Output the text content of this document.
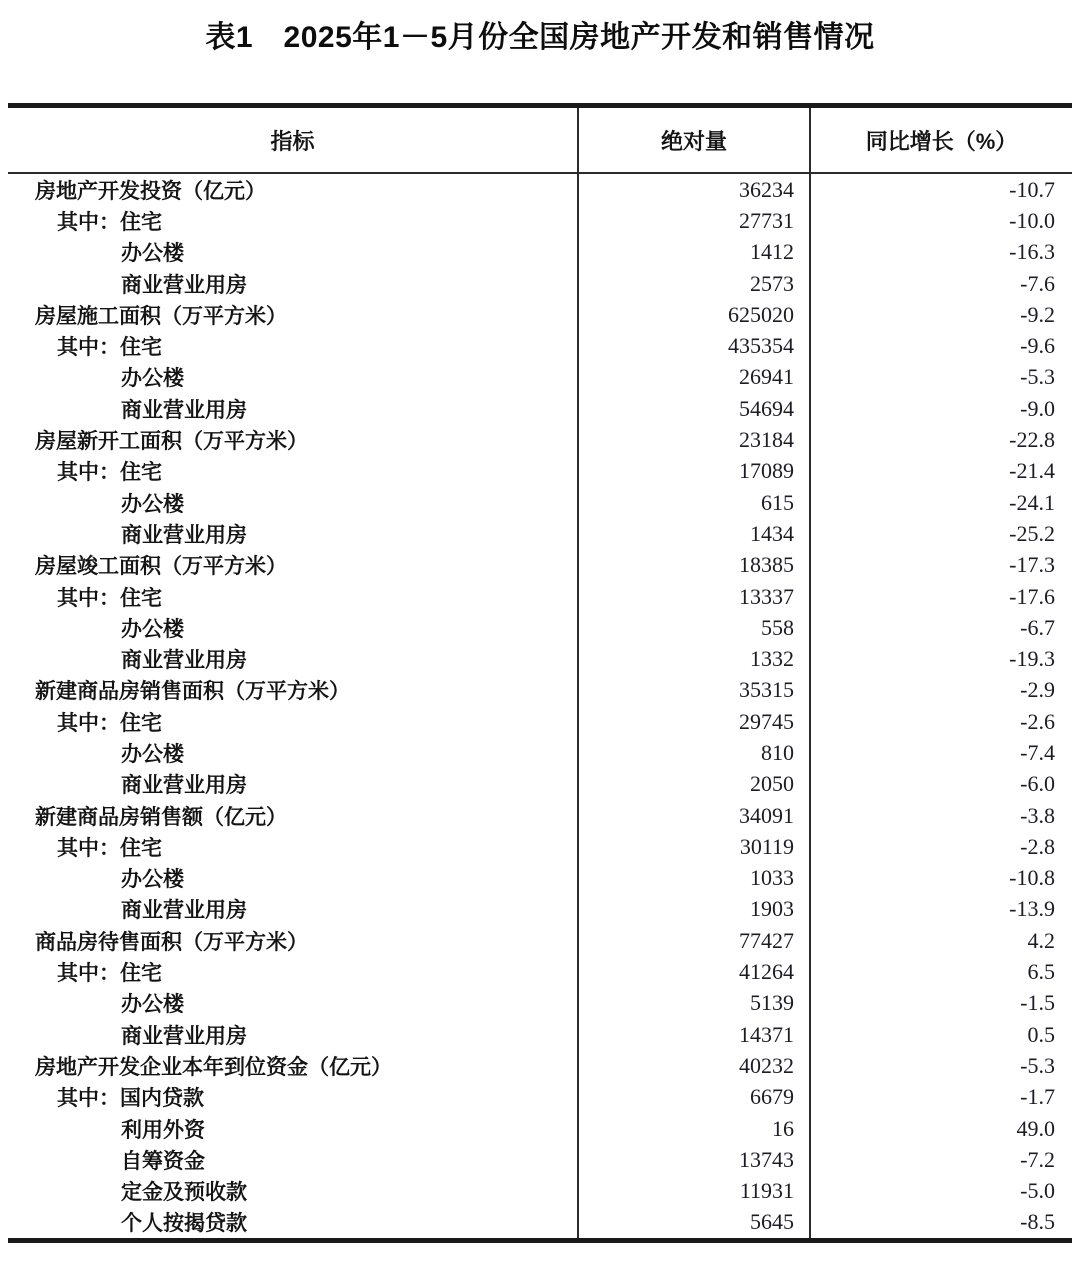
表1　2025年1－5月份全国房地产开发和销售情况
指标	绝对量	同比增长（%）
房地产开发投资（亿元）	36234	-10.7
其中：住宅	27731	-10.0
办公楼	1412	-16.3
商业营业用房	2573	-7.6
房屋施工面积（万平方米）	625020	-9.2
其中：住宅	435354	-9.6
办公楼	26941	-5.3
商业营业用房	54694	-9.0
房屋新开工面积（万平方米）	23184	-22.8
其中：住宅	17089	-21.4
办公楼	615	-24.1
商业营业用房	1434	-25.2
房屋竣工面积（万平方米）	18385	-17.3
其中：住宅	13337	-17.6
办公楼	558	-6.7
商业营业用房	1332	-19.3
新建商品房销售面积（万平方米）	35315	-2.9
其中：住宅	29745	-2.6
办公楼	810	-7.4
商业营业用房	2050	-6.0
新建商品房销售额（亿元）	34091	-3.8
其中：住宅	30119	-2.8
办公楼	1033	-10.8
商业营业用房	1903	-13.9
商品房待售面积（万平方米）	77427	4.2
其中：住宅	41264	6.5
办公楼	5139	-1.5
商业营业用房	14371	0.5
房地产开发企业本年到位资金（亿元）	40232	-5.3
其中：国内贷款	6679	-1.7
利用外资	16	49.0
自筹资金	13743	-7.2
定金及预收款	11931	-5.0
个人按揭贷款	5645	-8.5
